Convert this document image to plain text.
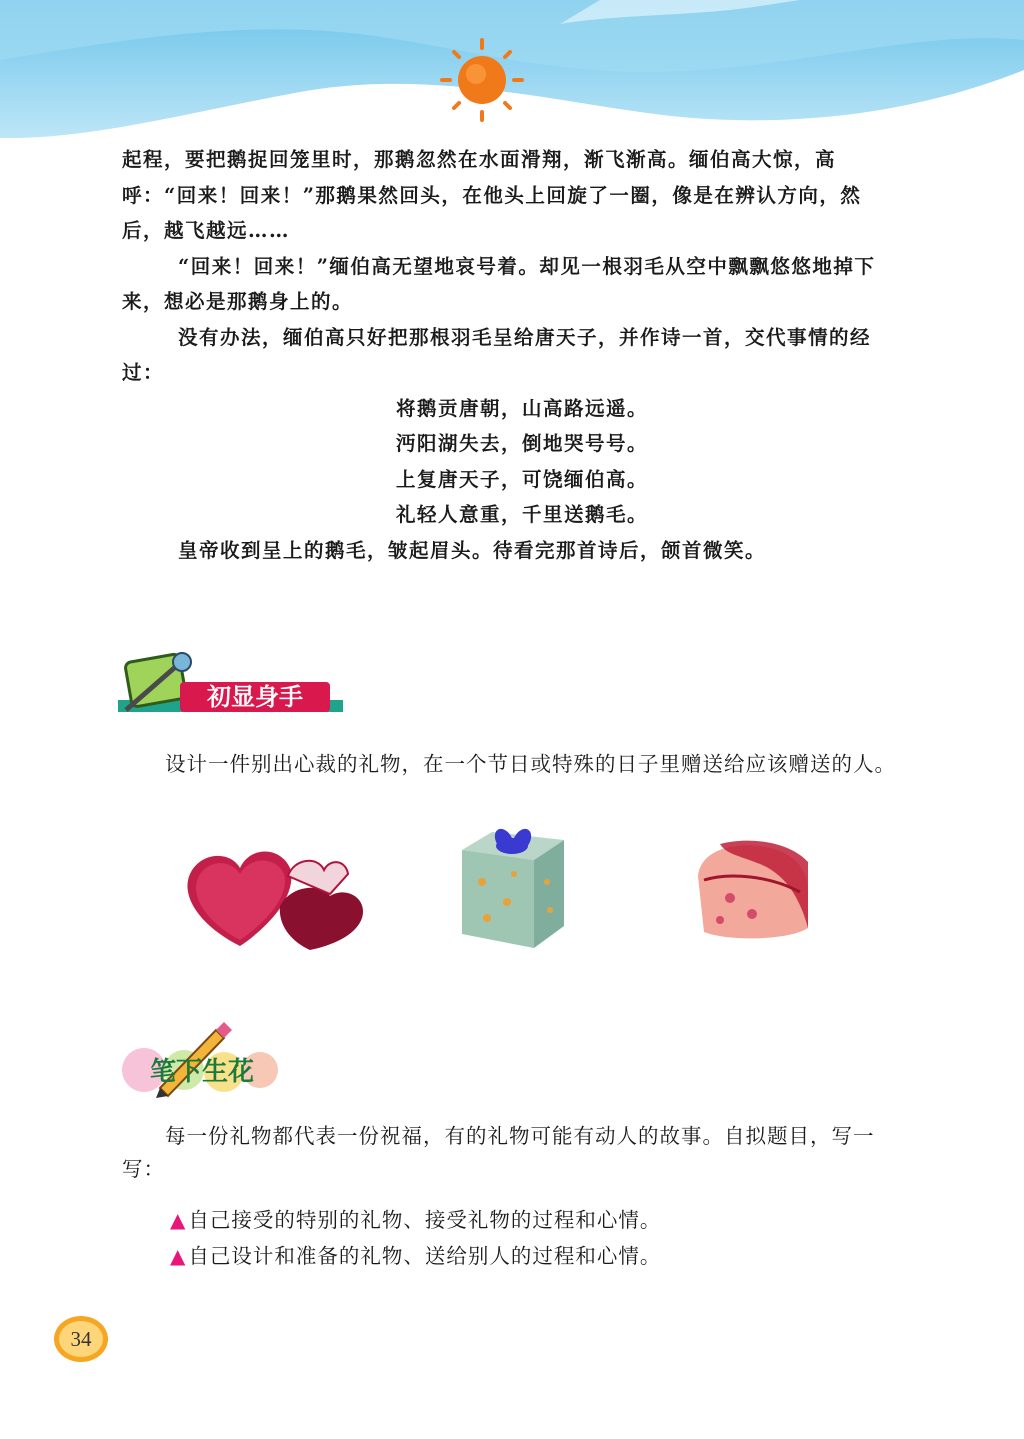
起程，要把鹅捉回笼里时，那鹅忽然在水面滑翔，渐飞渐高。缅伯高大惊，高呼：“回来！回来！”那鹅果然回头，在他头上回旋了一圈，像是在辨认方向，然后，越飞越远……

“回来！回来！”缅伯高无望地哀号着。却见一根羽毛从空中飘飘悠悠地掉下来，想必是那鹅身上的。

没有办法，缅伯高只好把那根羽毛呈给唐天子，并作诗一首，交代事情的经过：

将鹅贡唐朝，山高路远遥。

沔阳湖失去，倒地哭号号。

上复唐天子，可饶缅伯高。

礼轻人意重，千里送鹅毛。

皇帝收到呈上的鹅毛，皱起眉头。待看完那首诗后，颌首微笑。

初显身手

设计一件别出心裁的礼物，在一个节日或特殊的日子里赠送给应该赠送的人。

笔下生花

每一份礼物都代表一份祝福，有的礼物可能有动人的故事。自拟题目，写一写：

▲ 自己接受的特别的礼物、接受礼物的过程和心情。
▲ 自己设计和准备的礼物、送给别人的过程和心情。
34
